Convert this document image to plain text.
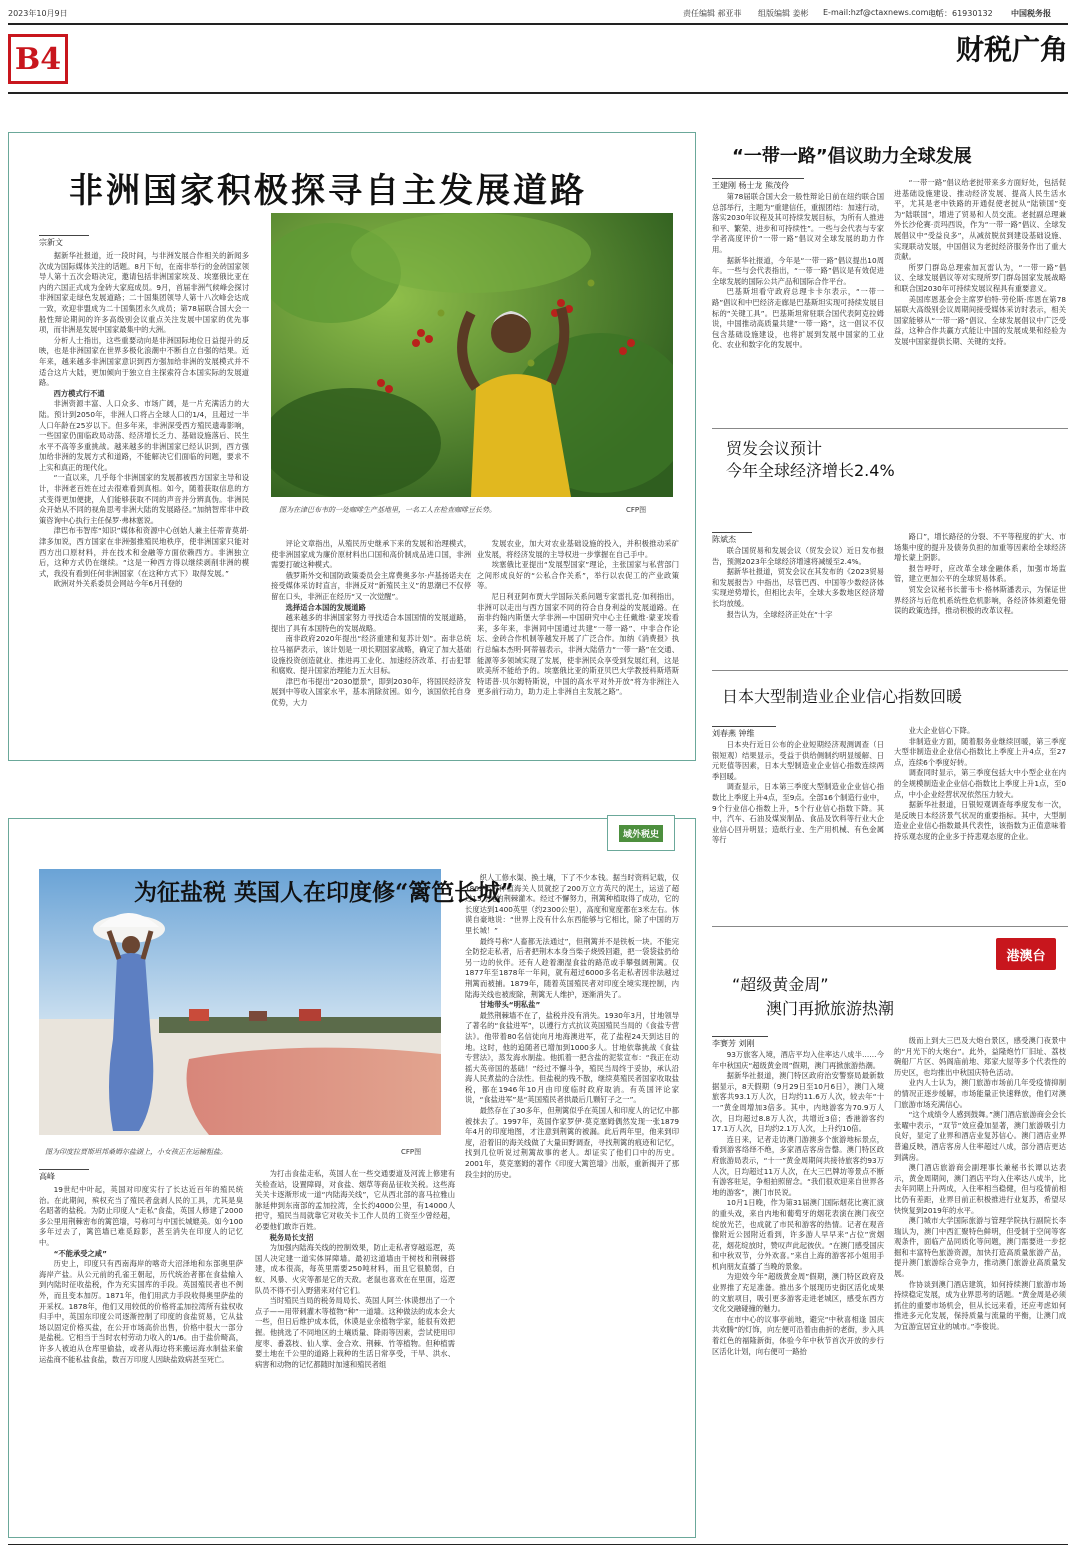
2023年10月9日	责任编辑 郝亚菲 组版编辑 姜彬 E-mail:hzf@ctaxnews.com.cn
电话：61930132 中国税务报
B4	财税广角
非洲国家积极探寻自主发展道路
宗新文

据新华社报道，近一段时间，与非洲发展合作相关的新闻多次成为国际媒体关注的话题。8月下旬，在南非举行的金砖国家领导人第十五次会晤决定，邀请包括非洲国家埃及、埃塞俄比亚在内的六国正式成为金砖大家庭成员。9月，首届非洲气候峰会探讨非洲国家走绿色发展道路；二十国集团领导人第十八次峰会达成一致，欢迎非盟成为二十国集团永久成员；第78届联合国大会一般性辩论期间的许多高级别会议重点关注发展中国家的优先事项，而非洲是发展中国家最集中的大洲。

分析人士指出，这些重要动向是非洲国际地位日益提升的反映，也是非洲国家在世界多极化浪潮中不断自立自强的结果。近年来，越来越多非洲国家意识到西方强加给非洲的发展模式并不适合这片大陆，更加倾向于独立自主探索符合本国实际的发展道路。

西方模式行不通

非洲资源丰富、人口众多、市场广阔，是一片充满活力的大陆。预计到2050年，非洲人口将占全球人口的1/4，且超过一半人口年龄在25岁以下。但多年来，非洲深受西方殖民遗毒影响，一些国家仍面临政局动荡、经济增长乏力、基础设施落后、民生水平不高等多重挑战。越来越多的非洲国家已经认识到，西方强加给非洲的发展方式和道路，不能解决它们面临的问题，要求不上实和真正的现代化。

“一直以来，几乎每个非洲国家的发展都被西方国家主导和设计，非洲老百姓在过去很难看到真相。如今，随着获取信息的方式变得更加便捷，人们能够获取不同的声音并分辨真伪。非洲民众开始从不同的视角思考非洲大陆的发展路径。”加纳智库非中政策咨询中心执行主任保罗·弗林塞说。

津巴布韦智库“知识”媒体和资源中心创始人兼主任蒂青莫胡·津多加说，西方国家在非洲强推殖民地秩序，使非洲国家只能对西方出口原材料，并在技术和金融等方面依赖西方。非洲独立后，这种方式仍在继续。“这是一种西方得以继续剥削非洲的模式，我没有看到任何非洲国家（在这种方式下）取得发展。”

欧洲对外关系委员会网站今年6月刊登的

图为在津巴布韦的一处咖啡生产基地里，一名工人在检查咖啡豆长势。	CFP图

评论文章指出，从殖民历史继承下来的发展和治理模式，使非洲国家成为廉价原材料出口国和高价制成品进口国，非洲需要打破这种模式。

俄罗斯外交和国防政策委员会主席费奥多尔·卢基扬诺夫在接受媒体采访时直言，非洲反对“新殖民主义”的思潮已不仅停留在口头，非洲正在经历“又一次觉醒”。

选择适合本国的发展道路

越来越多的非洲国家努力寻找适合本国国情的发展道路，提出了具有本国特色的发展战略。

南非政府2020年提出“经济重建和复苏计划”。南非总统拉马福萨表示，该计划是一项长期国家战略，确定了加大基础设施投资创造就业、推进再工业化、加速经济改革、打击犯罪和腐败、提升国家治理能力五大目标。

津巴布韦提出“2030愿景”，即到2030年，将国民经济发展到中等收入国家水平，基本消除贫困。如今，该国依托自身优势，大力

发展农业，加大对农业基础设施的投入，并积极推动采矿业发展，将经济发展的主导权进一步掌握在自己手中。

埃塞俄比亚提出“发展型国家”理论，主张国家与私营部门之间形成良好的“公私合作关系”，举行以农促工的产业政策等。

尼日利亚阿布贾大学国际关系问题专家雷扎克·加利指出，非洲可以走出与西方国家不同的符合自身利益的发展道路。在南非约翰内斯堡大学非洲—中国研究中心主任戴维·蒙亚埃看来，多年来，非洲同中国通过共建“一带一路”、中非合作论坛、金砖合作机制等越发开展了广泛合作。加纳《消费报》执行总编本杰明·阿蒂福表示，非洲大陆借力“一带一路”在交通、能源等多领域实现了发展，使非洲民众享受到发展红利，这是欧美所不能给予的。埃塞俄比亚的斯亚贝巴大学教授科斯塔斯特诺普·贝尔姆特斯说，中国的高水平对外开放“将为非洲注入更多前行动力，助力走上非洲自主发展之路”。

图为印度拉贾斯坦邦桑姆尔盐湖上，小女孩正在运输粗盐。	CFP图
为征盐税 英国人在印度修“篱笆长城”
域外税史
高峰

19世纪中叶起，英国对印度实行了长达近百年的殖民统治。在此期间，殡权充当了殖民者盘剥人民的工具，尤其是臭名昭著的盐税。为防止印度人“走私”食盐，英国人修建了2000多公里用荆棘密布的篱笆墙，号称可与中国长城媲美。如今100多年过去了，篱笆墙已难觅踪影，甚至消失在印度人的记忆中。

“不能承受之咸”

历史上，印度只有西南海岸的喀奇大沼泽地和东部奥里萨海岸产盐。从公元前的孔雀王朝起，历代统治者都在食盐输入到内陆时征收盐税，作为充实国库的手段。英国殖民者也不例外，而且变本加厉。1871年，他们用武力手段收得奥里萨盐的开采权。1878年，他们又用较低的价格将孟加拉湾所有盐权收归手中，英国东印度公司逐渐控制了印度的食盐贸易，它从盐场以固定价格买盐，在公开市场高价出售，价格中很大一部分是盐税。它相当于当时农村劳动力收入的1/6。由于盐价畸高，许多人被迫从仓库里偷盐，或者从海边将来搬运海水制盐来偷运盐商不能私盐食盐，数百万印度人因缺盐致病甚至死亡。

为打击食盐走私，英国人在一些交通要道及河流上修建有关检查站，设置障碍，对食盐、烟草等商品征收关税。这些海关关卡逐渐形成一道“内陆海关线”，它从西北部的喜马拉雅山脉延伸到东南部的孟加拉湾，全长约4000公里，有14000人把守，殖民当局就靠它对收关卡工作人员的工资至少曾经超，必要他们敢诈百姓。

税务局长支招

为加强内陆海关线的控制效果，防止走私者穿越巡逻，英国人决定建一道实体屏障墙。最初这道墙由干树枝和荆棘搭建，成本很高，每英里需要250吨材料，而且它很脆弱，白蚁、风暴、火灾等都是它的天敌。老鼠也喜欢在在里面，巡逻队员不得不引入野猪来对付它们。

当时殖民当局的税务局局长、英国人阿兰·休谟想出了一个点子——用带刺灌木等植物“种”一道墙。这种做法的成本会大一些，但日后维护成本低，休谟是业余植物学家，能很有效把握。他挑选了不同地区的土壤质量、降雨等因素，尝试使用印度枣、番荔枝、仙人掌、金合欢、荆棘、竹等植物。但种植需要土地在千公里的道路上栽种的生活日常享受，干旱、洪水、病害和动物的记忆都随时加速和殖民者组

织人工修水渠、换土壤，下了不少本钱。据当时资料记载，仅1869年为种植海关人员就挖了200万立方英尺的泥土，运送了超过15万吨的荆棘灌木。经过不懈努力，荆篱种植取得了成功，它的长度达到1400英里（约2300公里），高度和宽度都在3米左右。休谟自豪地说：“世界上没有什么东西能够与它相比，除了中国的万里长城！”

最终号称“人畜都无法通过”，但荆篱并不是铁板一块。不能完全防挖走私者，后者把荆木本身当柴子烧毁回避，把一袋袋盐扔给另一边的伙伴。还有人趁着潮湿食盐的路范或手攀强阔荆篱。仅1877年至1878年一年间，就有超过6000多名走私者因非法越过荆篱而被捕。1879年，随着英国殖民者对印度全境实现控制，内陆海关线也被废除，荆篱无人维护，逐渐消失了。

甘地带头“明私盐”

最然荆棘墙不在了，盐税并没有消失。1930年3月，甘地领导了著名的“食盐进军”，以遵行方式抗议英国殖民当局的《食盐专营法》。他带着80名信徒向月地海澳进军，花了盐程24天到达目的地。这时，他的追随者已增加到1000多人。甘地依靠挑战《食盐专营法》，蒸发海水制盐。他抓着一把含盐的泥浆宣布：“我正在动摇大英帝国的基础！”经过不懈斗争，殖民当局终于妥协，承认沿海人民煮盐的合法性。但盐税的残不散，继续莫殖民者国家收取盐税，都在1946年10月由印度临时政府取消。有英国评论家说，“食盐进军”是“英国殖民者拱最后几颗钉子之一”。

最然存在了30多年，但荆篱似乎在英国人和印度人的记忆中都被抹去了。1997年，英国作家罗伊·莫克塞姆偶然发现一张1879年4月的印度地图，才注意到荆篱的被漏。此后两年里，他来到印度，沿着旧的海关线做了大量田野调查，寻找荆篱的痕迹和记忆，找到几位听说过荆篱故事的老人。却证实了他们口中的历史。2001年，莫克塞姆的著作《印度大篱笆墙》出版，重新揭开了那段尘封的历史。

“一带一路”倡议助力全球发展
王建刚 杨士龙 熊茂伶

第78届联合国大会一般性辩论日前在纽约联合国总部举行，主题为“重建信任，重振团结：加速行动，落实2030年议程及其可持续发展目标，为所有人推进和平、繁荣、进步和可持续性”。一些与会代表与专家学者高度评价“一带一路”倡议对全球发展的助力作用。

据新华社报道，今年是“一带一路”倡议提出10周年。一些与会代表指出，“一带一路”倡议是有效促进全球发展的国际公共产品和国际合作平台。

巴基斯坦看守政府总理卡卡尔表示，“一带一路”倡议和中巴经济走廊是巴基斯坦实现可持续发展目标的“关键工具”。巴基斯坦常驻联合国代表阿克拉姆说，中国推动高质量共建“一带一路”，这一倡议不仅包含基础设施建设，也将扩展到发展中国家的工业化、农业和数字化的发展中。

“一带一路”倡议给老挝带来多方面好处，包括促进基础设施建设、推动经济发展、提高人民生活水平，尤其是老中铁路的开通促使老挝从“陆锁国”变为“陆联国”，增进了贸易和人员交流。老挝副总理兼外长沙伦赛·贡玛西说，作为“一带一路”倡议、全球发展倡议中“受益良多”，从减贫脱贫到建设基础设施、实现联动发展，中国倡议为老挝经济服务作出了重大贡献。

所罗门群岛总理索加瓦雷认为，“一带一路”倡议、全球发展倡议等对实现所罗门群岛国家发展战略和联合国2030年可持续发展议程具有重要意义。

美国库恩基金会主席罗伯特·劳伦斯·库恩在第78届联大高级别会议周期间接受媒体采访时表示，相关国家能够从“一带一路”倡议、全球发展倡议中广泛受益，这种合作共赢方式能让中国的发展成果和经验为发展中国家提供长期、关键的支持。

贸发会议预计
今年全球经济增长2.4%
陈斌杰

联合国贸易和发展会议（贸发会议）近日发布报告，预测2023年全球经济增速将减缓至2.4%。

据新华社报道，贸发会议在其发布的《2023贸易和发展报告》中指出，尽管巴西、中国等少数经济体实现逆势增长，但相比去年，全球大多数地区经济增长均放缓。

报告认为，全球经济正处在“十字

路口”，增长路径的分裂、不平等程度的扩大、市场集中度的提升及债务负担的加重等因素给全球经济增长蒙上阴影。

报告呼吁，应改革全球金融体系，加强市场监管，建立更加公平的全球贸易体系。

贸发会议秘书长蕾韦卡·格林斯潘表示，为保证世界经济与后危机系统性危机影响，各经济体须避免错误的政策选择，推动积极的改革议程。

日本大型制造业企业信心指数回暖
刘春燕 钟维

日本央行近日公布的企业短期经济观测调查（日银短观）结果显示，受益于供给侧制约明显缓解、日元贬值等因素，日本大型制造业企业信心指数连续两季回暖。

调查显示，日本第三季度大型制造业企业信心指数比上季度上升4点，至9点。全部16个制造行业中，9个行业信心指数上升，5个行业信心指数下降。其中，汽车、石油及煤炭制品、食品及饮料等行业大企业信心回升明显；造纸行业、生产用机械、有色金属等行

业大企业信心下降。

非制造业方面，随着服务业继续回暖，第三季度大型非制造业企业信心指数比上季度上升4点，至27点，连续6个季度好转。

调查同时显示，第三季度包括大中小型企业在内的全规模制造业企业信心指数比上季度上升1点，至0点，中小企业经营状况依然压力较大。

据新华社报道，日银短观调查每季度发布一次，是反映日本经济景气状况的重要指标。其中，大型制造业企业信心指数最具代表性，该指数为正值意味着持乐观态度的企业多于持悲观态度的企业。

港澳台
“超级黄金周”
澳门再掀旅游热潮
李赛芳 刘刚

93万旅客入境，酒店平均入住率达八成半……今年中秋国庆“超级黄金周”假期，澳门再掀旅游热潮。

据新华社报道，澳门特区政府治安警察局最新数据显示，8天假期（9月29日至10月6日），澳门入境旅客共93.1万人次，日均约11.6万人次，较去年“十一”黄金周增加3倍多。其中，内地游客为70.9万人次，日均超过8.8万人次，共增近3倍；香港游客约17.1万人次，日均约2.1万人次，上升约10倍。

连日来，记者走访澳门游澳多个旅游地标景点，看到游客络绎不绝，多家酒店客房告罄。澳门特区政府旅游局表示，“十一”黄金周期间共接待旅客约93万人次，日均超过11万人次，在大三巴牌坊等景点不断有游客驻足，争相拍照留念。“我们很欢迎来自世界各地的游客”，澳门市民说。

10月1日晚，作为第31届澳门国际烟花比赛汇演的重头戏，来自内地和葡萄牙的烟花表演在澳门夜空绽放光芒，也成就了市民和游客的热情。记者在观音像附近公园附近看到，许多游人早早来“占位”赏烟花，烟花绽放时，赞叹声此起彼伏。“在澳门感受国庆和中秋双节，分外欢喜。”来自上海的游客祁小姐用手机向朋友直播了当晚的景象。

为迎效今年“超级黄金周”假期，澳门特区政府及业界推了充足准备。推出多个展现历史街区活化成果的文旅项目，吸引更多游客走进老城区，感受东西方文化交融碰撞的魅力。

在市中心的议事亭前地，避完“中秋喜相逢 国庆共欢腾”的灯饰，向左便可沿着由曲折的老街，步入具着红色的福隆新街，体验今年中秋节首次开放的步行区活化计划，向右便可一路抬

级而上到大三巴及大炮台景区，感受澳门夜景中的“月光下的大炮台”。此外，益隆炮竹厂旧址、荔枝碗船厂片区、妈阁庙前地、郑家大屋等多个代表性的历史区，也均推出中秋国庆特色活动。

业内人士认为，澳门旅游市场前几年受疫情抑制的情况正逐步缓解，市场能量正快速释放，他们对澳门旅游市场充满信心。

“这个成绩令人感到鼓舞。”澳门酒店旅游商会会长张曜中表示，“双节”效应叠加显著，澳门旅游吸引力良好，显定了业界和酒店业复苏信心。澳门酒店业界普遍反映，酒店客房人住率超过八成，部分酒店更达到满房。

澳门酒店旅游商会副理事长兼秘书长谭以达表示，黄金周期间，澳门酒店平均入住率达八成半，比去年同期上升两成，入住率相当稳健，但与疫情前相比仍有差距，业界目前正积极推进行业复苏，希望尽快恢复到2019年的水平。

澳门城市大学国际旅游与管理学院执行副院长李瑞认为，澳门中西汇聚特色鲜明，但受制于空间等客观条件，面临产品同质化等问题，澳门需要进一步挖掘和丰富特色旅游资源，加快打造高质量旅游产品，提升澳门旅游综合竞争力，推动澳门旅游业高质量发展。

作协谈到澳门酒店建筑，如何持续澳门旅游市场持续稳定发展，成为业界思考的话题。“黄金周是必须抓住的重要市场机会，但从长远来看，还应考虑如何推进多元化发展，保持质量与流量的平衡，让澳门成为宜游宜居宜业的城市。”李俊说。
